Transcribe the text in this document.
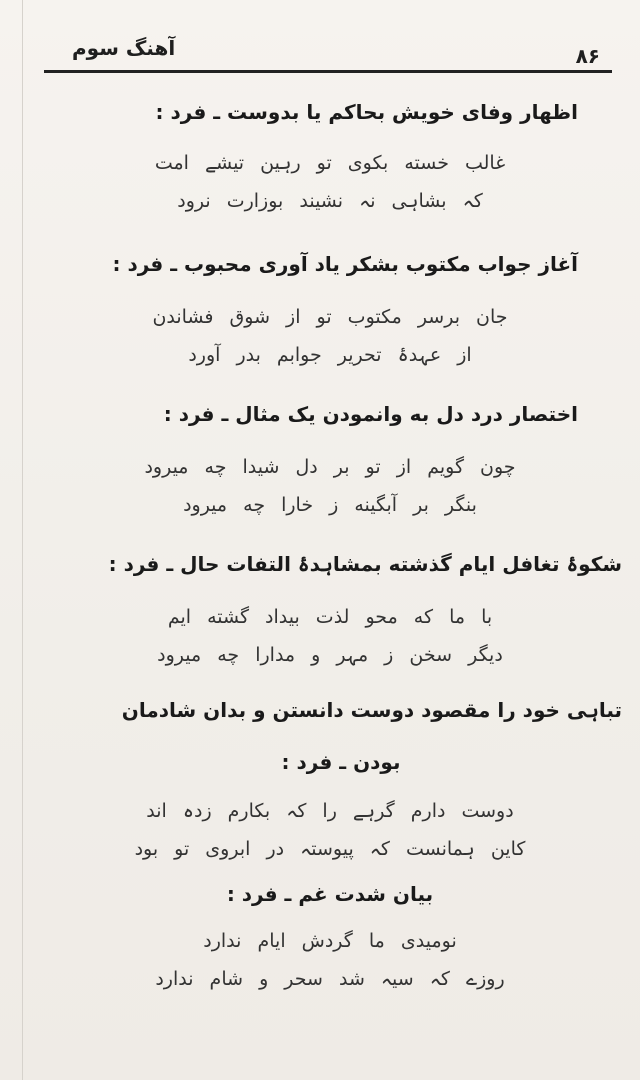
آهنگ سوم	۸۶
اظهار وفای خویش بحاکم یا بدوست ـ فرد :
غالب خسته بکوی تو رہین تیشے امت
کہ بشاہی نہ نشیند بوزارت نرود
آغاز جواب مکتوب بشکر یاد آوری محبوب ـ فرد :
جان برسر مکتوب تو از شوق فشاندن
از عہدۂ تحریر جوابم بدر آورد
اختصار درد دل به وانمودن یک مثال ـ فرد :
چون گویم از تو بر دل شیدا چه میرود
بنگر بر آبگینه ز خارا چه میرود
شکوۂ تغافل ایام گذشته بمشاہدۂ التفات حال ـ فرد :
با ما که محو لذت بیداد گشته ایم
دیگر سخن ز مہر و مدارا چه میرود
تباہی خود را مقصود دوست دانستن و بدان شادمان
بودن ـ فرد :
دوست دارم گرہے را کہ بکارم زدہ اند
کاین ہمانست کہ پیوستہ در ابروی تو بود
بیان شدت غم ـ فرد :
نومیدی ما گردش ایام ندارد
روزے کہ سیہ شد سحر و شام ندارد
